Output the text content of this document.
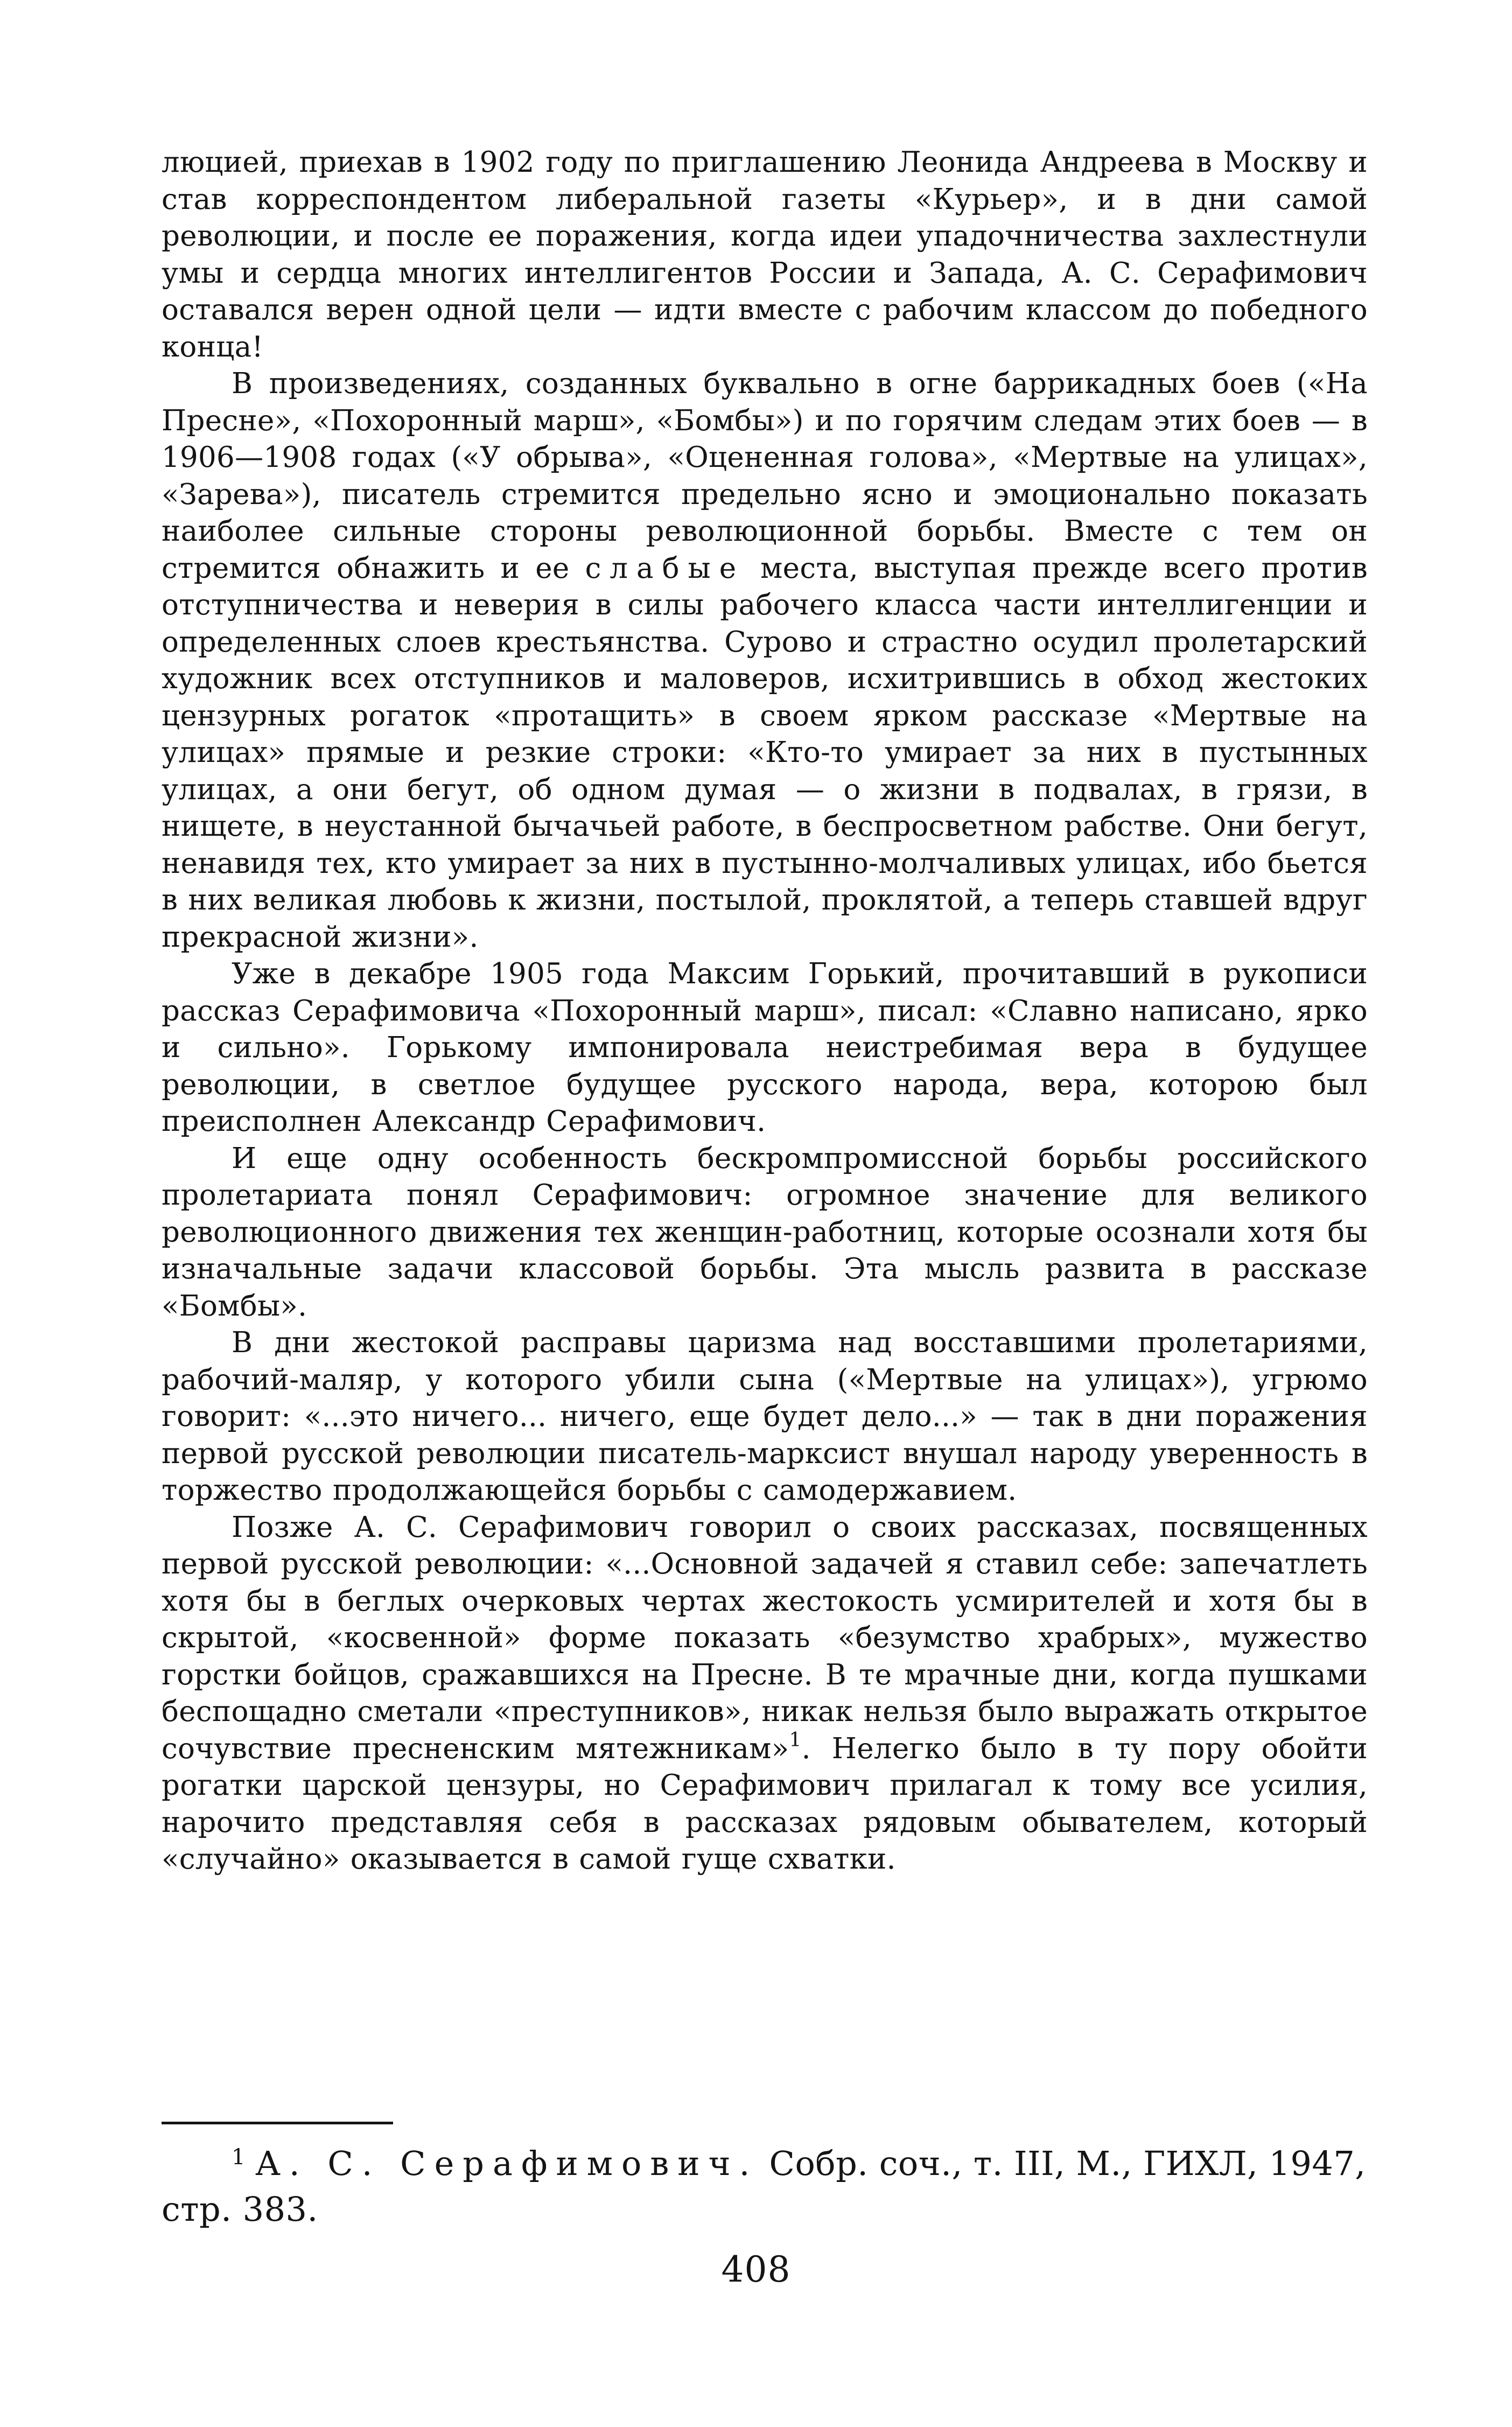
люцией, приехав в 1902 году по приглашению Леонида Андреева в Москву и став корреспондентом либеральной газеты «Курьер», и в дни самой революции, и после ее поражения, когда идеи упадочничества захлестнули умы и сердца многих интеллигентов России и Запада, А. С. Серафимович оставался верен одной цели — идти вместе с рабочим классом до победного конца!

В произведениях, созданных буквально в огне баррикадных боев («На Пресне», «Похоронный марш», «Бомбы») и по горячим следам этих боев — в 1906—1908 годах («У обрыва», «Оцененная голова», «Мертвые на улицах», «Зарева»), писатель стремится предельно ясно и эмоционально показать наиболее сильные стороны революционной борьбы. Вместе с тем он стремится обнажить и ее слабые места, выступая прежде всего против отступничества и неверия в силы рабочего класса части интеллигенции и определенных слоев крестьянства. Сурово и страстно осудил пролетарский художник всех отступников и маловеров, исхитрившись в обход жестоких цензурных рогаток «протащить» в своем ярком рассказе «Мертвые на улицах» прямые и резкие строки: «Кто-то умирает за них в пустынных улицах, а они бегут, об одном думая — о жизни в подвалах, в грязи, в нищете, в неустанной бычачьей работе, в беспросветном рабстве. Они бегут, ненавидя тех, кто умирает за них в пустынно-молчаливых улицах, ибо бьется в них великая любовь к жизни, постылой, проклятой, а теперь ставшей вдруг прекрасной жизни».

Уже в декабре 1905 года Максим Горький, прочитавший в рукописи рассказ Серафимовича «Похоронный марш», писал: «Славно написано, ярко и сильно». Горькому импонировала неистребимая вера в будущее революции, в светлое будущее русского народа, вера, которою был преисполнен Александр Серафимович.

И еще одну особенность бескромпромиссной борьбы российского пролетариата понял Серафимович: огромное значение для великого революционного движения тех женщин-работниц, которые осознали хотя бы изначальные задачи классовой борьбы. Эта мысль развита в рассказе «Бомбы».

В дни жестокой расправы царизма над восставшими пролетариями, рабочий-маляр, у которого убили сына («Мертвые на улицах»), угрюмо говорит: «...это ничего... ничего, еще будет дело...» — так в дни поражения первой русской революции писатель-марксист внушал народу уверенность в торжество продолжающейся борьбы с самодержавием.

Позже А. С. Серафимович говорил о своих рассказах, посвященных первой русской революции: «...Основной задачей я ставил себе: запечатлеть хотя бы в беглых очерковых чертах жестокость усмирителей и хотя бы в скрытой, «косвенной» форме показать «безумство храбрых», мужество горстки бойцов, сражавшихся на Пресне. В те мрачные дни, когда пушками беспощадно сметали «преступников», никак нельзя было выражать открытое сочувствие пресненским мятежникам»$^1$. Нелегко было в ту пору обойти рогатки царской цензуры, но Серафимович прилагал к тому все усилия, нарочито представляя себя в рассказах рядовым обывателем, который «случайно» оказывается в самой гуще схватки.

$^1$ А. С. Серафимович. Собр. соч., т. III, М., ГИХЛ, 1947, стр. 383.

408
